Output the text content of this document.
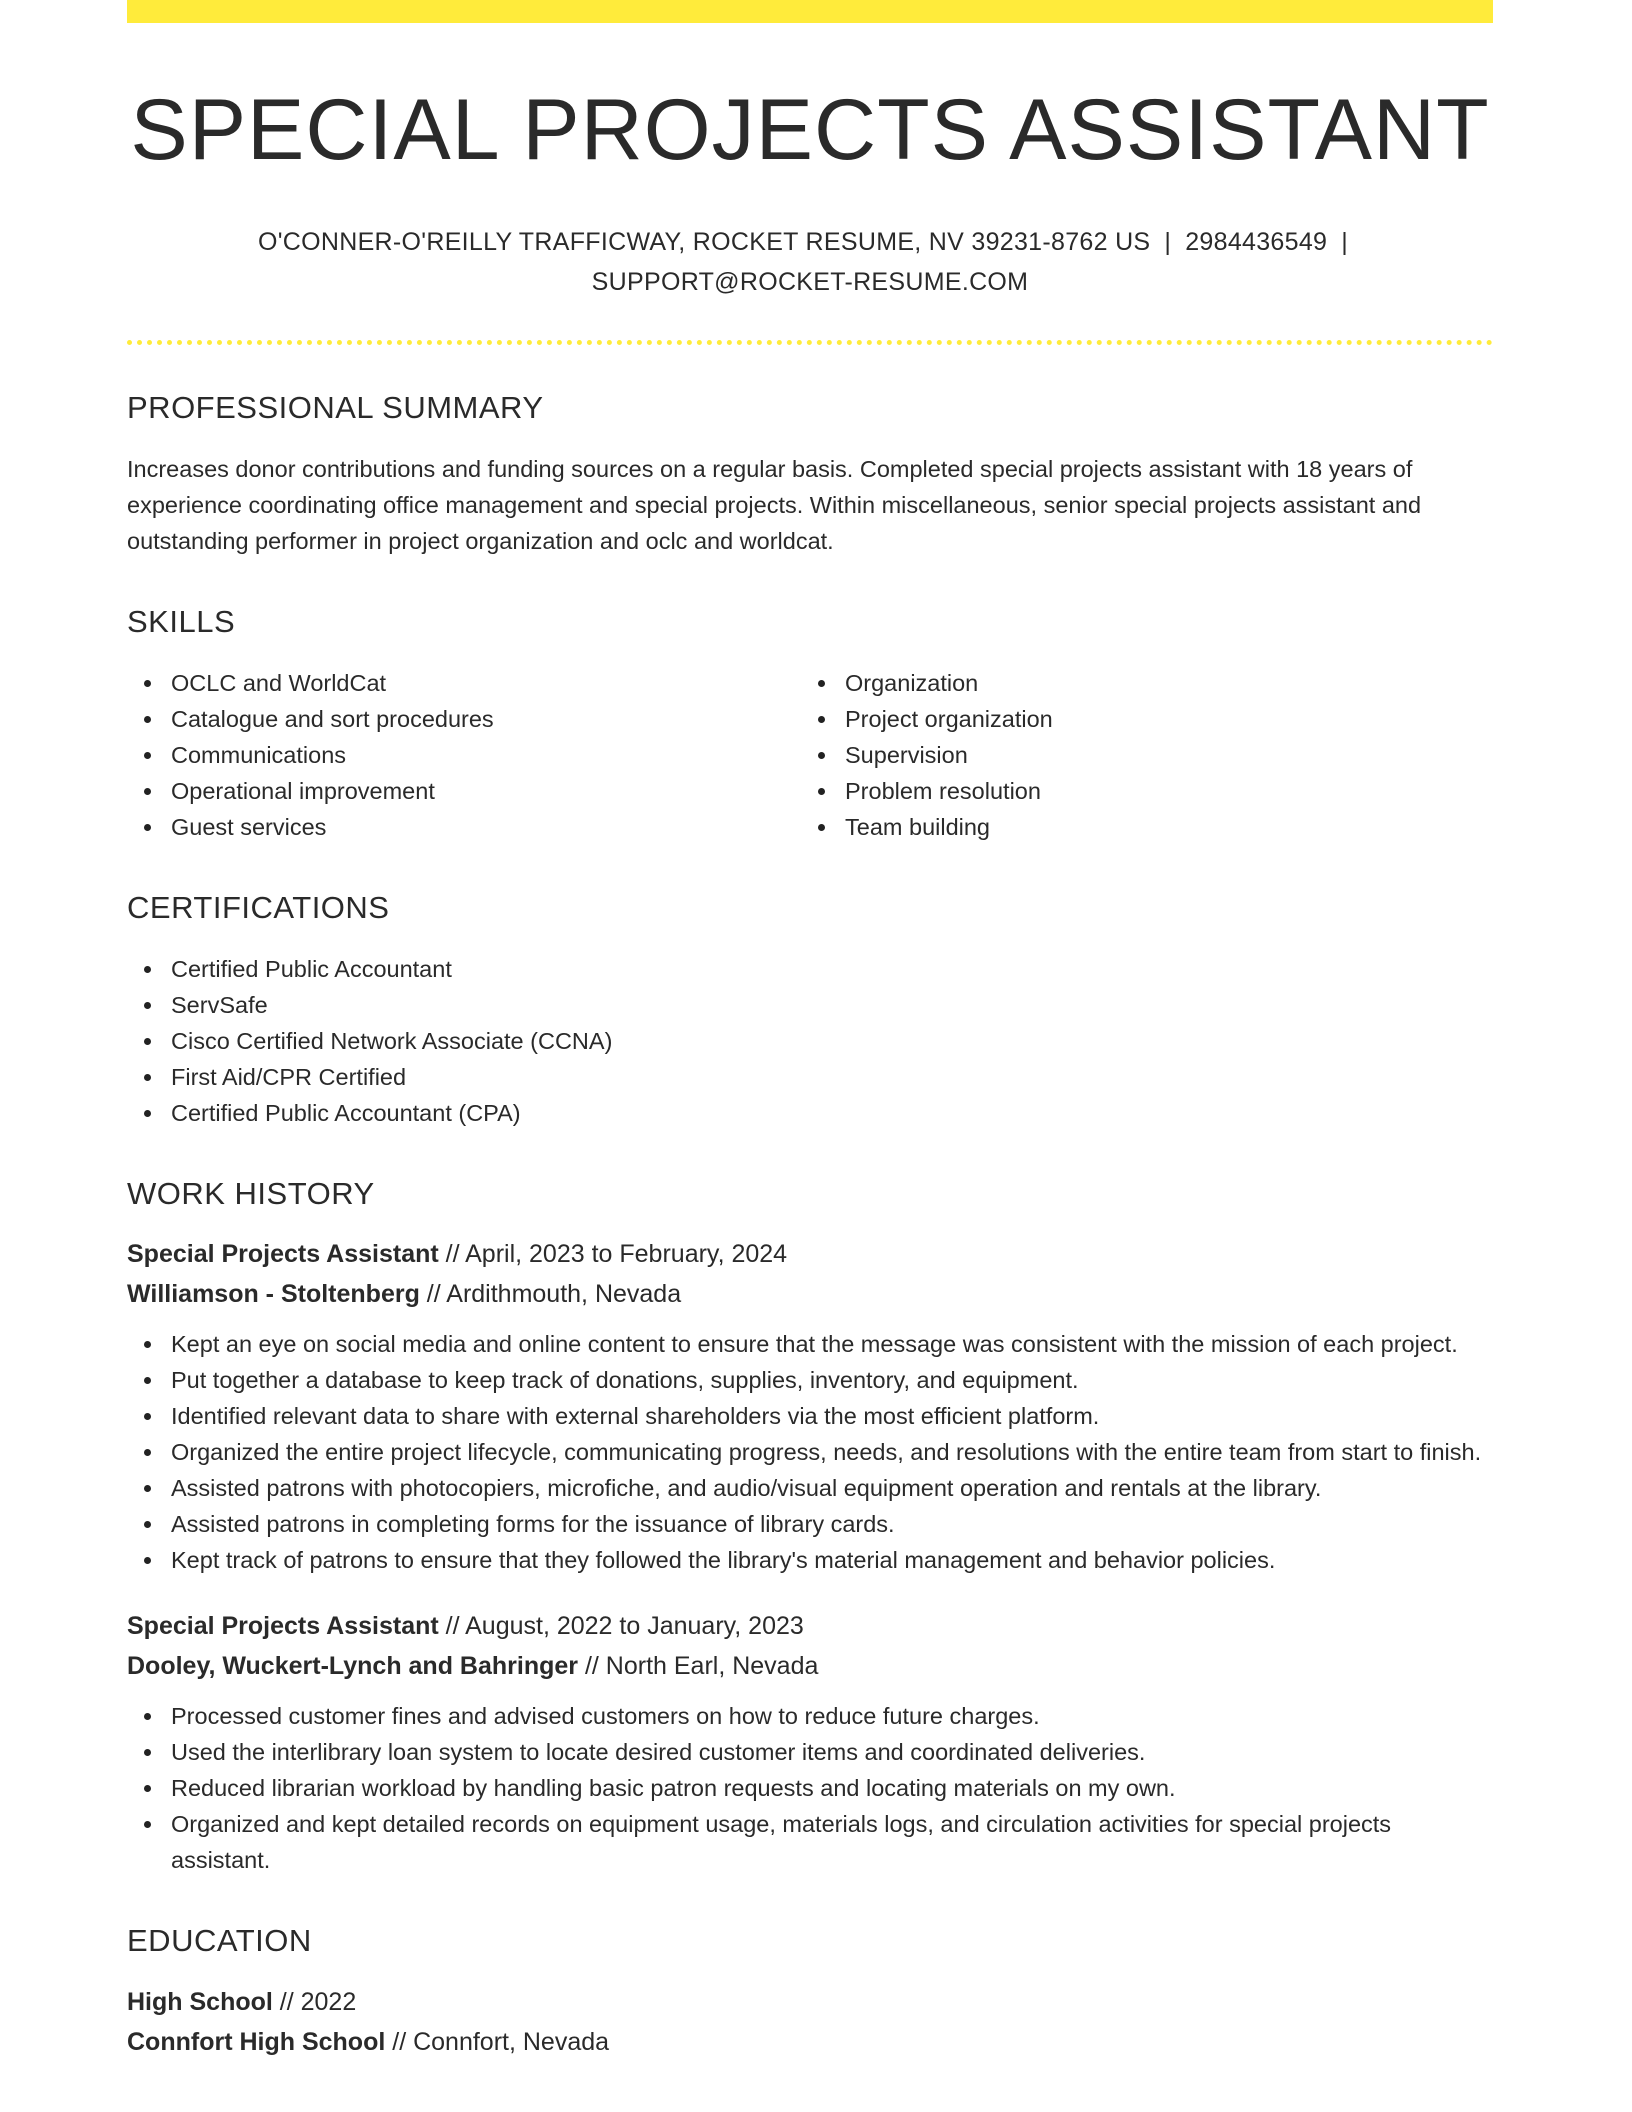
SPECIAL PROJECTS ASSISTANT
O'CONNER-O'REILLY TRAFFICWAY, ROCKET RESUME, NV 39231-8762 US | 2984436549 |
SUPPORT@ROCKET-RESUME.COM
PROFESSIONAL SUMMARY
Increases donor contributions and funding sources on a regular basis. Completed special projects assistant with 18 years of experience coordinating office management and special projects. Within miscellaneous, senior special projects assistant and outstanding performer in project organization and oclc and worldcat.
SKILLS
OCLC and WorldCat
Catalogue and sort procedures
Communications
Operational improvement
Guest services
Organization
Project organization
Supervision
Problem resolution
Team building
CERTIFICATIONS
Certified Public Accountant
ServSafe
Cisco Certified Network Associate (CCNA)
First Aid/CPR Certified
Certified Public Accountant (CPA)
WORK HISTORY
Special Projects Assistant // April, 2023 to February, 2024
Williamson - Stoltenberg // Ardithmouth, Nevada
Kept an eye on social media and online content to ensure that the message was consistent with the mission of each project.
Put together a database to keep track of donations, supplies, inventory, and equipment.
Identified relevant data to share with external shareholders via the most efficient platform.
Organized the entire project lifecycle, communicating progress, needs, and resolutions with the entire team from start to finish.
Assisted patrons with photocopiers, microfiche, and audio/visual equipment operation and rentals at the library.
Assisted patrons in completing forms for the issuance of library cards.
Kept track of patrons to ensure that they followed the library's material management and behavior policies.
Special Projects Assistant // August, 2022 to January, 2023
Dooley, Wuckert-Lynch and Bahringer // North Earl, Nevada
Processed customer fines and advised customers on how to reduce future charges.
Used the interlibrary loan system to locate desired customer items and coordinated deliveries.
Reduced librarian workload by handling basic patron requests and locating materials on my own.
Organized and kept detailed records on equipment usage, materials logs, and circulation activities for special projects assistant.
EDUCATION
High School // 2022
Connfort High School // Connfort, Nevada
